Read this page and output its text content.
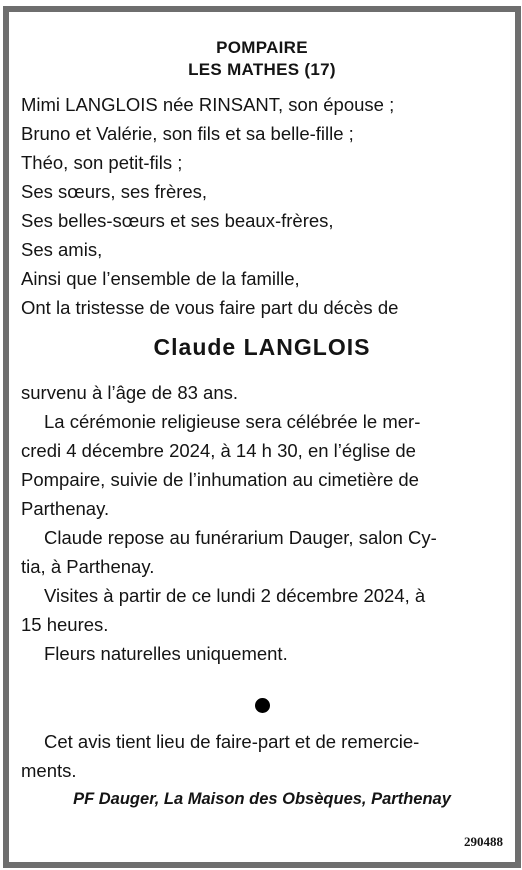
POMPAIRE

LES MATHES (17)

Mimi LANGLOIS née RINSANT, son épouse ;

Bruno et Valérie, son fils et sa belle-fille ;

Théo, son petit-fils ;

Ses sœurs, ses frères,

Ses belles-sœurs et ses beaux-frères,

Ses amis,

Ainsi que l’ensemble de la famille,

Ont la tristesse de vous faire part du décès de

Claude LANGLOIS

survenu à l’âge de 83 ans.

La cérémonie religieuse sera célébrée le mer-

credi 4 décembre 2024, à 14 h 30, en l’église de

Pompaire, suivie de l’inhumation au cimetière de

Parthenay.

Claude repose au funérarium Dauger, salon Cy-

tia, à Parthenay.

Visites à partir de ce lundi 2 décembre 2024, à

15 heures.

Fleurs naturelles uniquement.

Cet avis tient lieu de faire-part et de remercie-

ments.

PF Dauger, La Maison des Obsèques, Parthenay

290488
